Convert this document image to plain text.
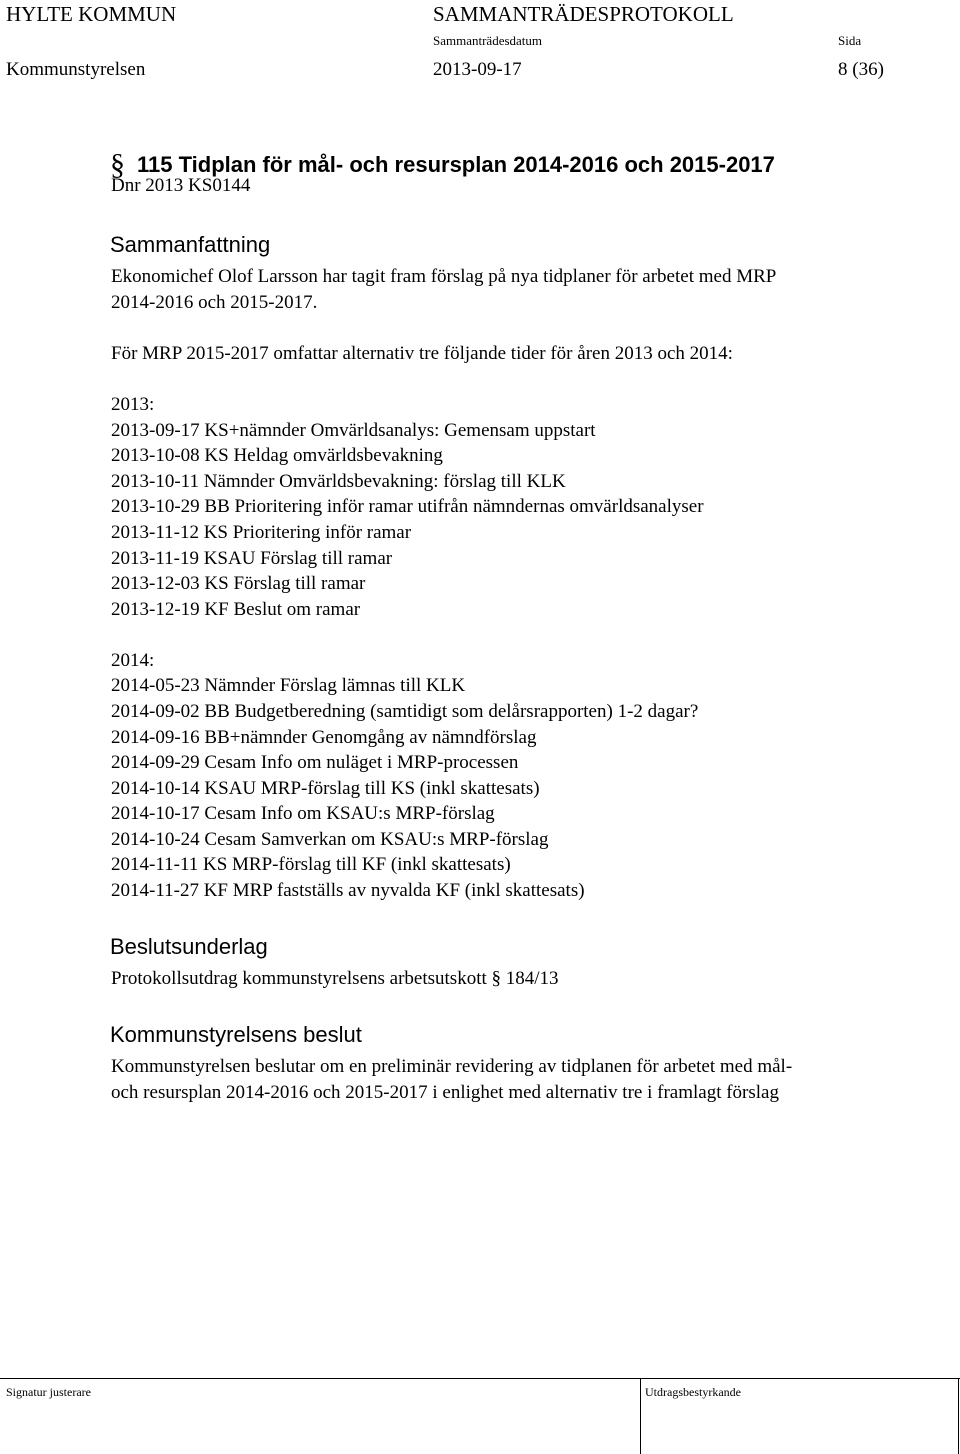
HYLTE KOMMUN	SAMMANTRÄDESPROTOKOLL
Sammanträdesdatum	Sida
Kommunstyrelsen	2013-09-17	8 (36)
§ 115 Tidplan för mål- och resursplan 2014-2016 och 2015-2017
Dnr 2013 KS0144
Sammanfattning
Ekonomichef Olof Larsson har tagit fram förslag på nya tidplaner för arbetet med MRP
2014-2016 och 2015-2017.
För MRP 2015-2017 omfattar alternativ tre följande tider för åren 2013 och 2014:
2013:
2013-09-17 KS+nämnder Omvärldsanalys: Gemensam uppstart
2013-10-08 KS Heldag omvärldsbevakning
2013-10-11 Nämnder Omvärldsbevakning: förslag till KLK
2013-10-29 BB Prioritering inför ramar utifrån nämndernas omvärldsanalyser
2013-11-12 KS Prioritering inför ramar
2013-11-19 KSAU Förslag till ramar
2013-12-03 KS Förslag till ramar
2013-12-19 KF Beslut om ramar
2014:
2014-05-23 Nämnder Förslag lämnas till KLK
2014-09-02 BB Budgetberedning (samtidigt som delårsrapporten) 1-2 dagar?
2014-09-16 BB+nämnder Genomgång av nämndförslag
2014-09-29 Cesam Info om nuläget i MRP-processen
2014-10-14 KSAU MRP-förslag till KS (inkl skattesats)
2014-10-17 Cesam Info om KSAU:s MRP-förslag
2014-10-24 Cesam Samverkan om KSAU:s MRP-förslag
2014-11-11 KS MRP-förslag till KF (inkl skattesats)
2014-11-27 KF MRP fastställs av nyvalda KF (inkl skattesats)
Beslutsunderlag
Protokollsutdrag kommunstyrelsens arbetsutskott § 184/13
Kommunstyrelsens beslut
Kommunstyrelsen beslutar om en preliminär revidering av tidplanen för arbetet med mål-
och resursplan 2014-2016 och 2015-2017 i enlighet med alternativ tre i framlagt förslag
Signatur justerare	Utdragsbestyrkande
